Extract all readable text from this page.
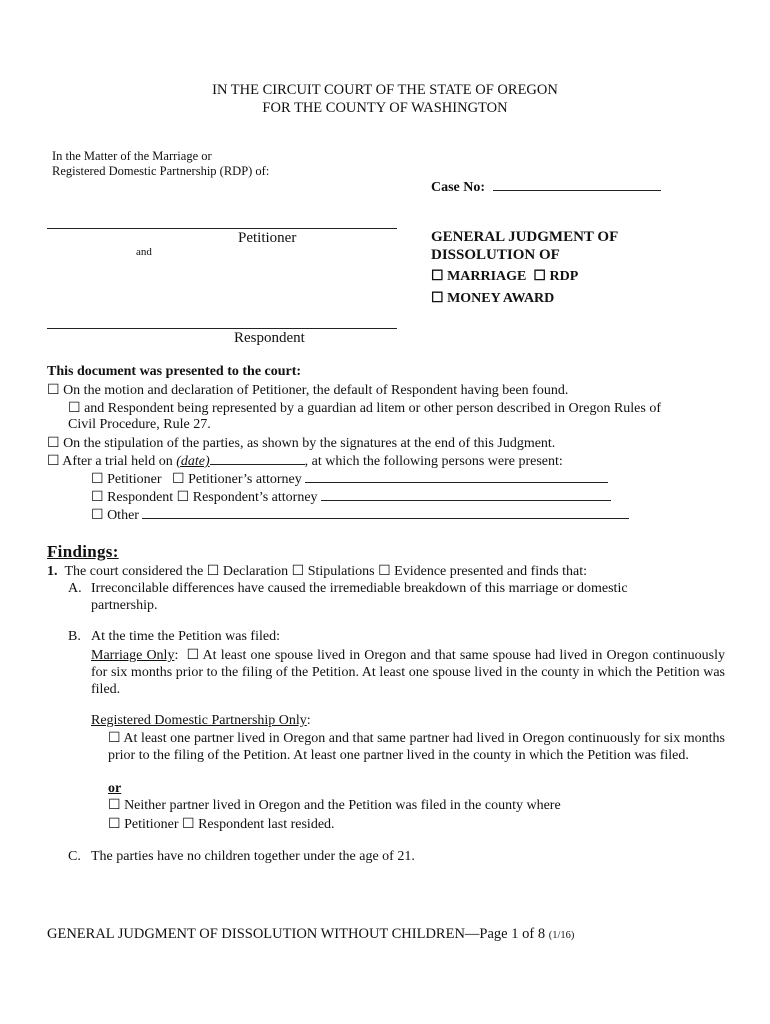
IN THE CIRCUIT COURT OF THE STATE OF OREGON
FOR THE COUNTY OF WASHINGTON
In the Matter of the Marriage or
Registered Domestic Partnership (RDP) of:
Case No:
Petitioner
and
Respondent
GENERAL JUDGMENT OF
DISSOLUTION OF
☐ MARRIAGE ☐ RDP
☐ MONEY AWARD
This document was presented to the court:
☐ On the motion and declaration of Petitioner, the default of Respondent having been found.
☐ and Respondent being represented by a guardian ad litem or other person described in Oregon Rules of
Civil Procedure, Rule 27.
☐ On the stipulation of the parties, as shown by the signatures at the end of this Judgment.
☐ After a trial held on (date)	, at which the following persons were present:
☐ Petitioner ☐ Petitioner’s attorney
☐ Respondent ☐ Respondent’s attorney
☐ Other
Findings:
1. The court considered the ☐ Declaration ☐ Stipulations ☐ Evidence presented and finds that:
A. Irreconcilable differences have caused the irremediable breakdown of this marriage or domestic
partnership.
B. At the time the Petition was filed:
Marriage Only:  ☐ At least one spouse lived in Oregon and that same spouse had lived in Oregon continuously for six months prior to the filing of the Petition. At least one spouse lived in the county in which the Petition was filed.
Registered Domestic Partnership Only:
☐ At least one partner lived in Oregon and that same partner had lived in Oregon continuously for six months prior to the filing of the Petition. At least one partner lived in the county in which the Petition was filed.
or
☐ Neither partner lived in Oregon and the Petition was filed in the county where
☐ Petitioner ☐ Respondent last resided.
C. The parties have no children together under the age of 21.
GENERAL JUDGMENT OF DISSOLUTION WITHOUT CHILDREN—Page 1 of 8 (1/16)
